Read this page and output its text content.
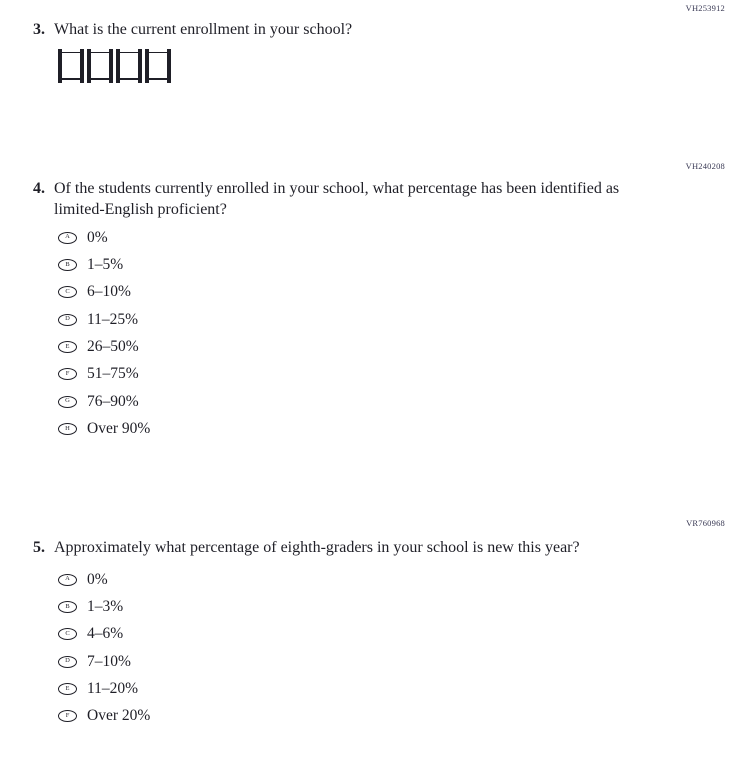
VH253912
3. What is the current enrollment in your school?
VH240208
4. Of the students currently enrolled in your school, what percentage has been identified as limited-English proficient?
A 0%
B 1–5%
C 6–10%
D 11–25%
E 26–50%
F 51–75%
G 76–90%
H Over 90%
VR760968
5. Approximately what percentage of eighth-graders in your school is new this year?
A 0%
B 1–3%
C 4–6%
D 7–10%
E 11–20%
F Over 20%
